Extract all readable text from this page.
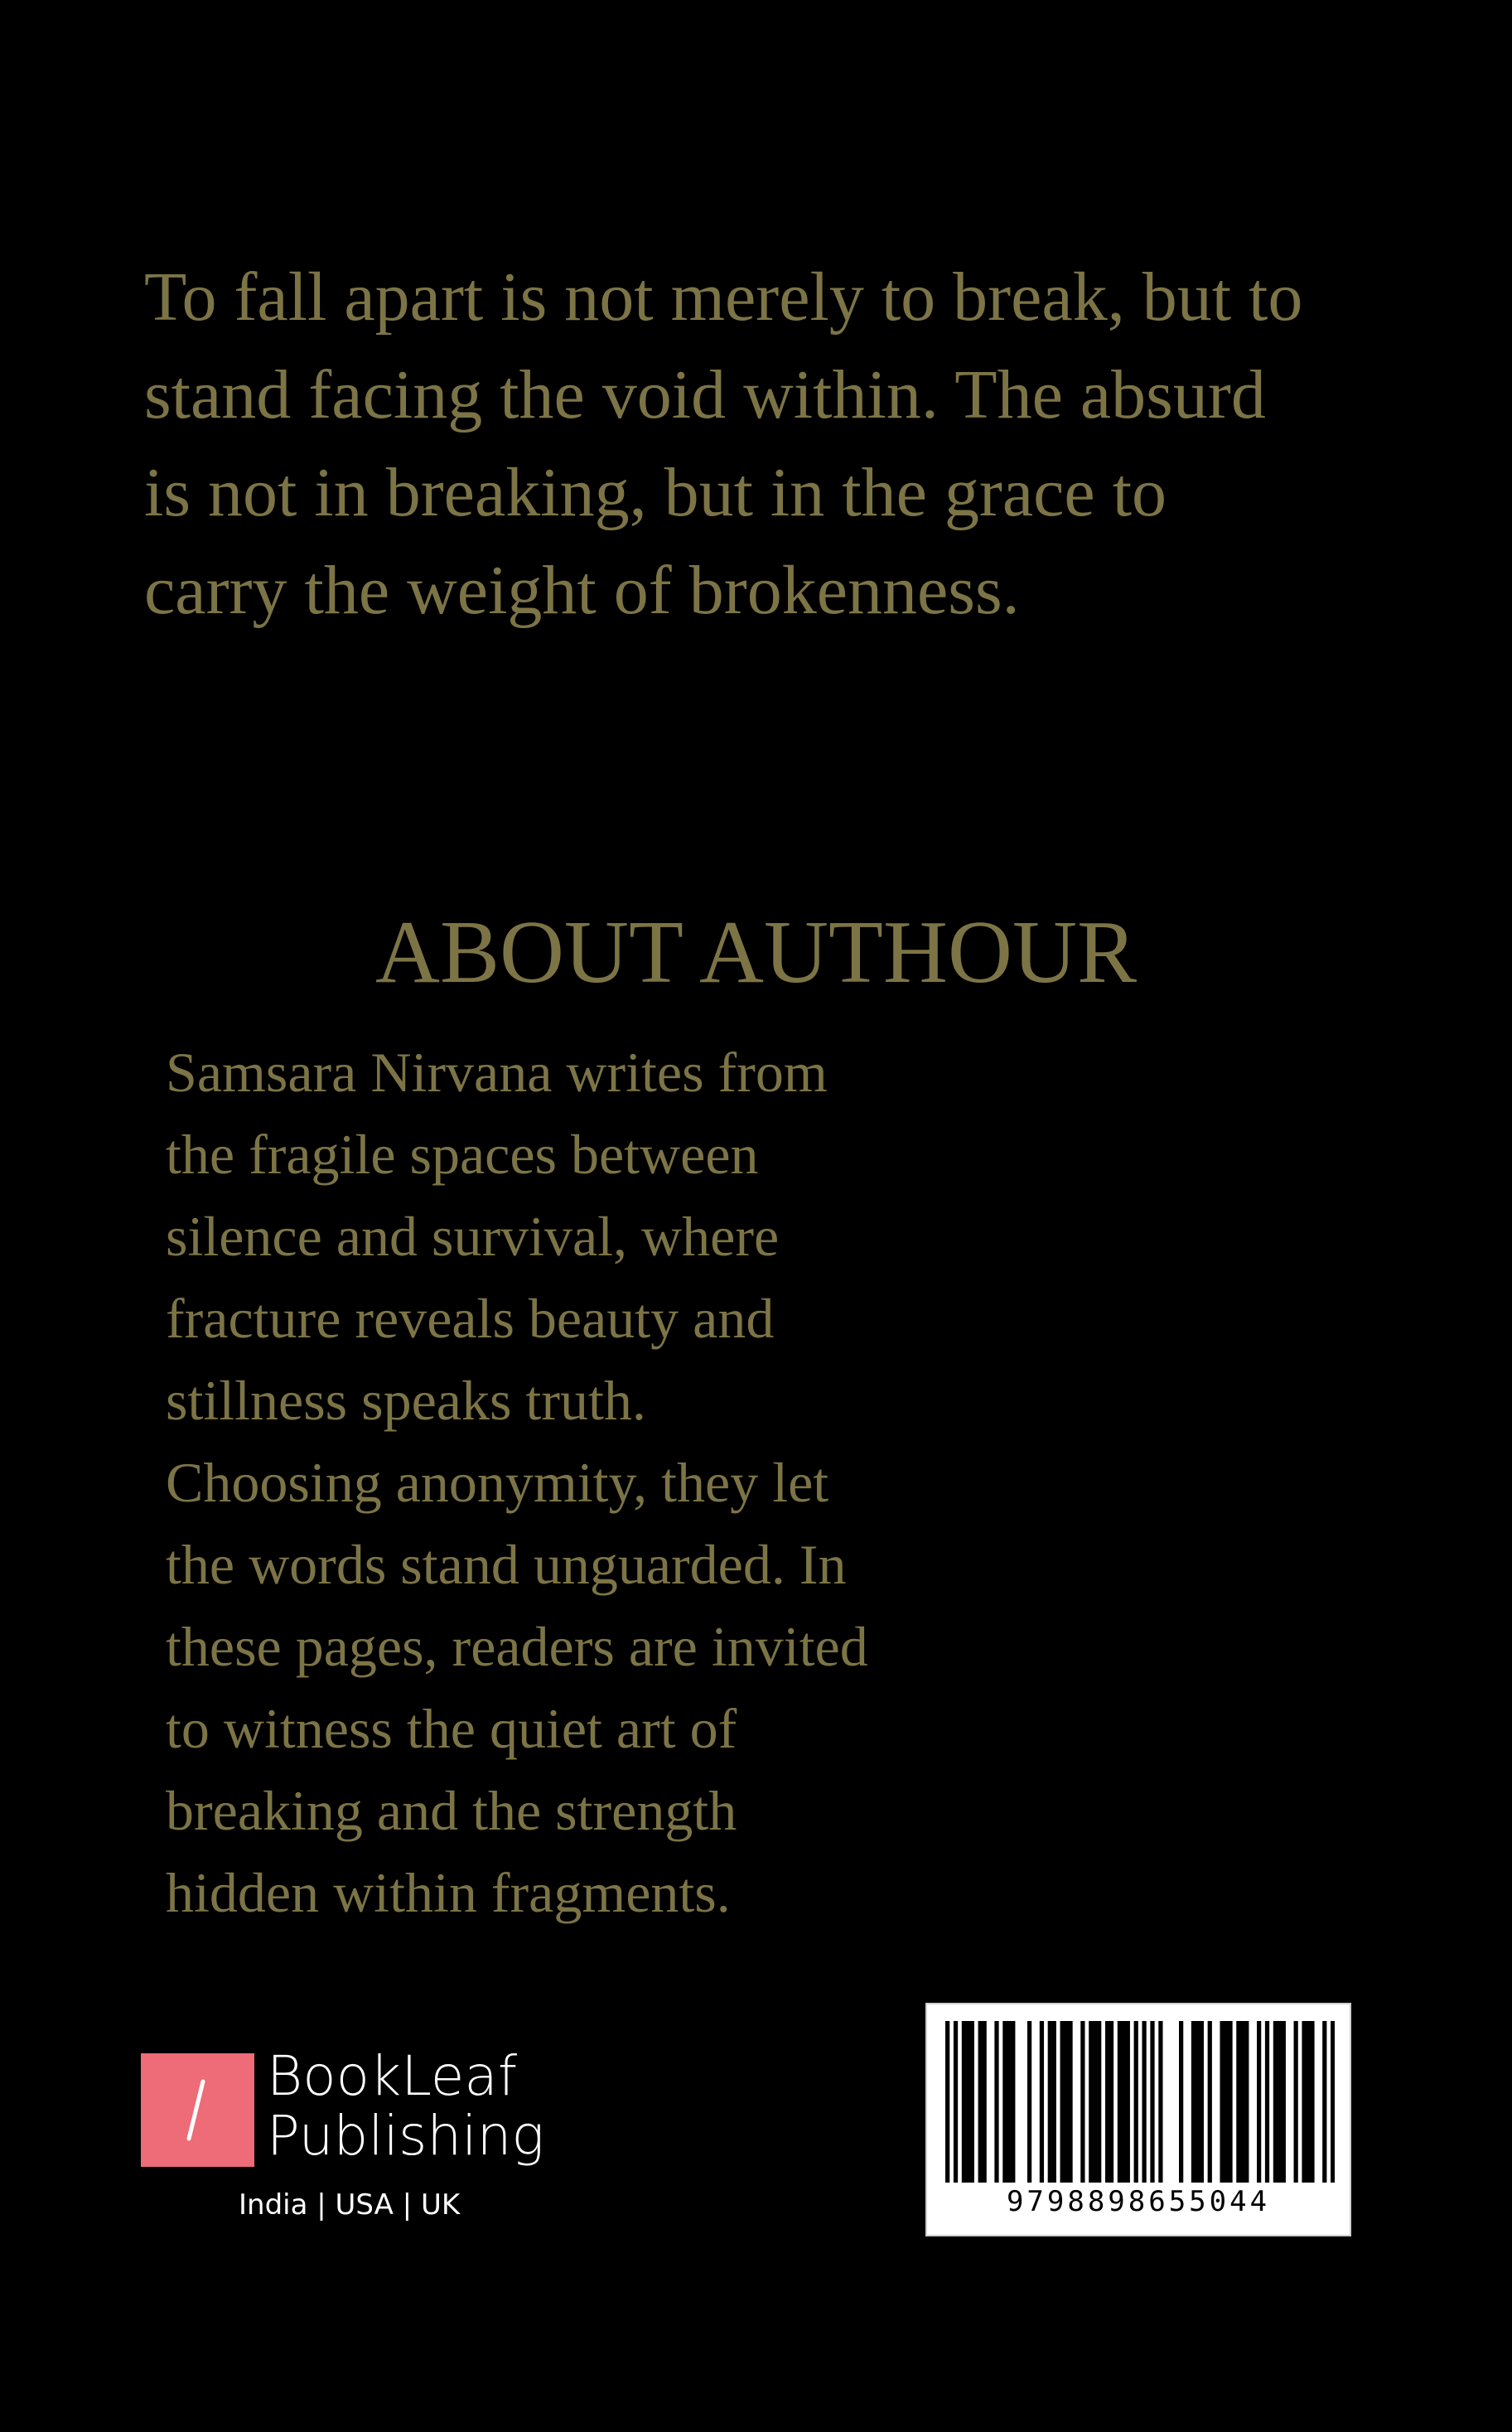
To fall apart is not merely to break, but to
stand facing the void within. The absurd
is not in breaking, but in the grace to
carry the weight of brokenness.

ABOUT AUTHOUR

Samsara Nirvana writes from
the fragile spaces between
silence and survival, where
fracture reveals beauty and
stillness speaks truth.
Choosing anonymity, they let
the words stand unguarded. In
these pages, readers are invited
to witness the quiet art of
breaking and the strength
hidden within fragments.

BookLeaf
Publishing
India | USA | UK	9798898655044
